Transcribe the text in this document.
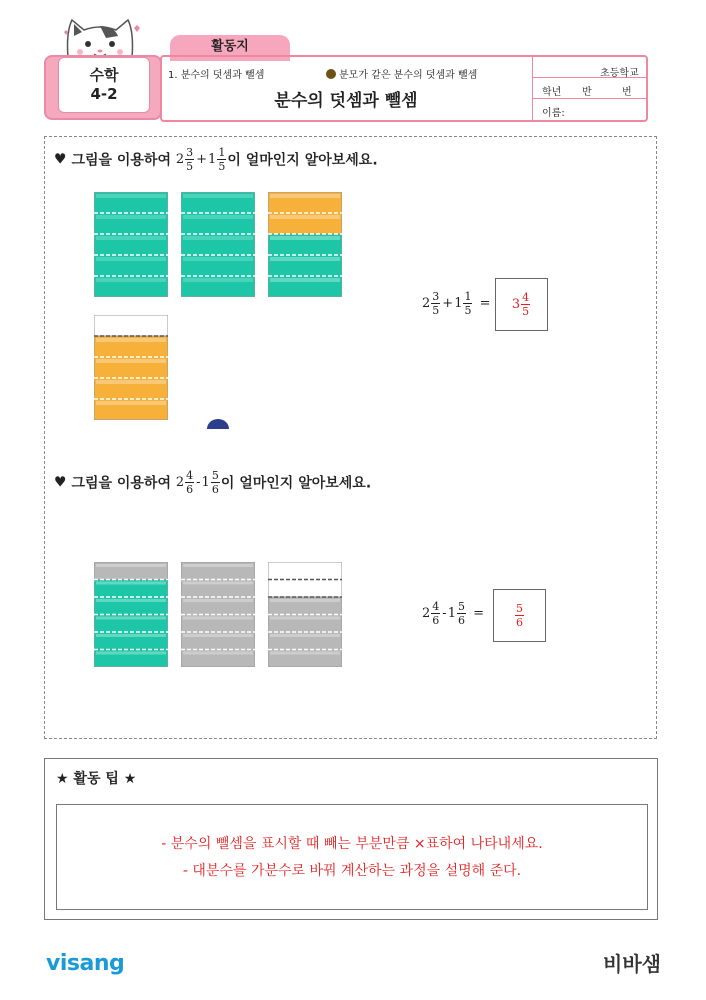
수학
4-2
활동지
1. 분수의 덧셈과 뺄셈	분모가 같은 분수의 덧셈과 뺄셈
분수의 덧셈과 뺄셈
초등학교
학년 반	번
이름:
♥ 그림을 이용하여 $2 \frac{3}{5} +1 \frac{1}{5}$ 이 얼마인지 알아보세요.
$2 \frac{3}{5} +1 \frac{1}{5} = 3 \frac{4}{5}$
♥ 그림을 이용하여 $2 \frac{4}{6} -1 \frac{5}{6}$ 이 얼마인지 알아보세요.
$2 \frac{4}{6} -1 \frac{5}{6}$ =	$\frac{5}{6}$
★ 활동 팁 ★
- 분수의 뺄셈을 표시할 때 빼는 부분만큼 ×표하여 나타내세요.
- 대분수를 가분수로 바꿔 계산하는 과정을 설명해 준다.
visang	비바샘
